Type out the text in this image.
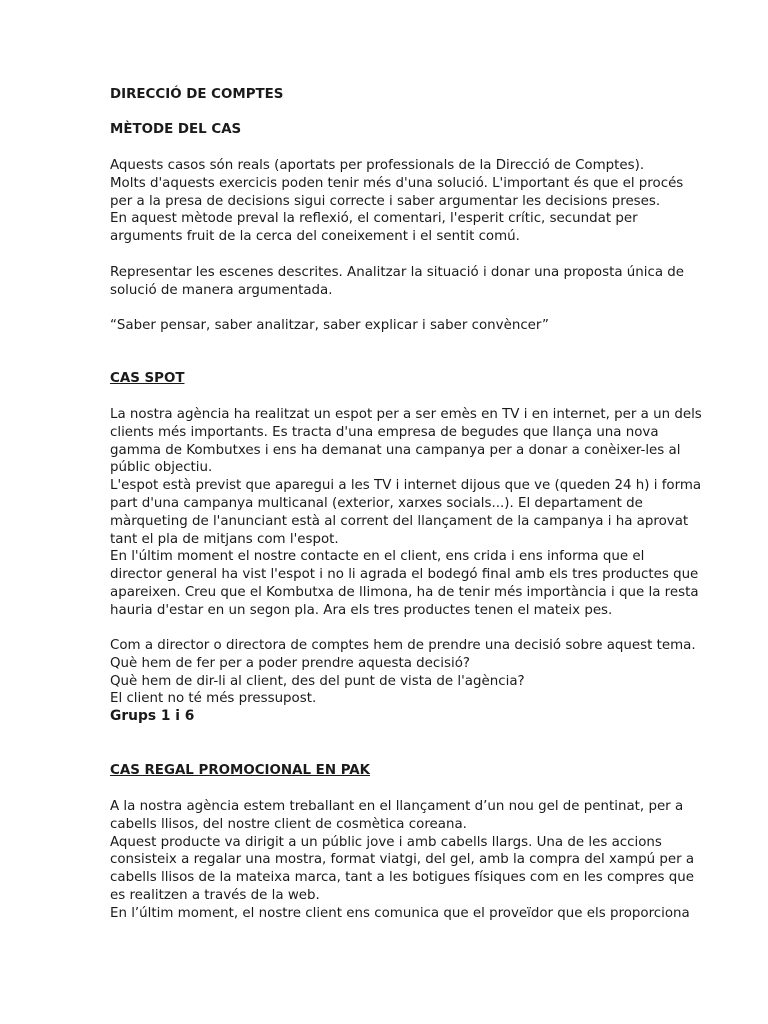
DIRECCIÓ DE COMPTES

MÈTODE DEL CAS

Aquests casos són reals (aportats per professionals de la Direcció de Comptes).

Molts d'aquests exercicis poden tenir més d'una solució. L'important és que el procés

per a la presa de decisions sigui correcte i saber argumentar les decisions preses.

En aquest mètode preval la reflexió, el comentari, l'esperit crític, secundat per

arguments fruit de la cerca del coneixement i el sentit comú.

Representar les escenes descrites. Analitzar la situació i donar una proposta única de

solució de manera argumentada.

“Saber pensar, saber analitzar, saber explicar i saber convèncer”

CAS SPOT

La nostra agència ha realitzat un espot per a ser emès en TV i en internet, per a un dels

clients més importants. Es tracta d'una empresa de begudes que llança una nova

gamma de Kombutxes i ens ha demanat una campanya per a donar a conèixer-les al

públic objectiu.

L'espot està previst que aparegui a les TV i internet dijous que ve (queden 24 h) i forma

part d'una campanya multicanal (exterior, xarxes socials...). El departament de

màrqueting de l'anunciant està al corrent del llançament de la campanya i ha aprovat

tant el pla de mitjans com l'espot.

En l'últim moment el nostre contacte en el client, ens crida i ens informa que el

director general ha vist l'espot i no li agrada el bodegó final amb els tres productes que

apareixen. Creu que el Kombutxa de llimona, ha de tenir més importància i que la resta

hauria d'estar en un segon pla. Ara els tres productes tenen el mateix pes.

Com a director o directora de comptes hem de prendre una decisió sobre aquest tema.

Què hem de fer per a poder prendre aquesta decisió?

Què hem de dir-li al client, des del punt de vista de l'agència?

El client no té més pressupost.

Grups 1 i 6

CAS REGAL PROMOCIONAL EN PAK

A la nostra agència estem treballant en el llançament d’un nou gel de pentinat, per a

cabells llisos, del nostre client de cosmètica coreana.

Aquest producte va dirigit a un públic jove i amb cabells llargs. Una de les accions

consisteix a regalar una mostra, format viatgi, del gel, amb la compra del xampú per a

cabells llisos de la mateixa marca, tant a les botigues físiques com en les compres que

es realitzen a través de la web.

En l’últim moment, el nostre client ens comunica que el proveïdor que els proporciona
